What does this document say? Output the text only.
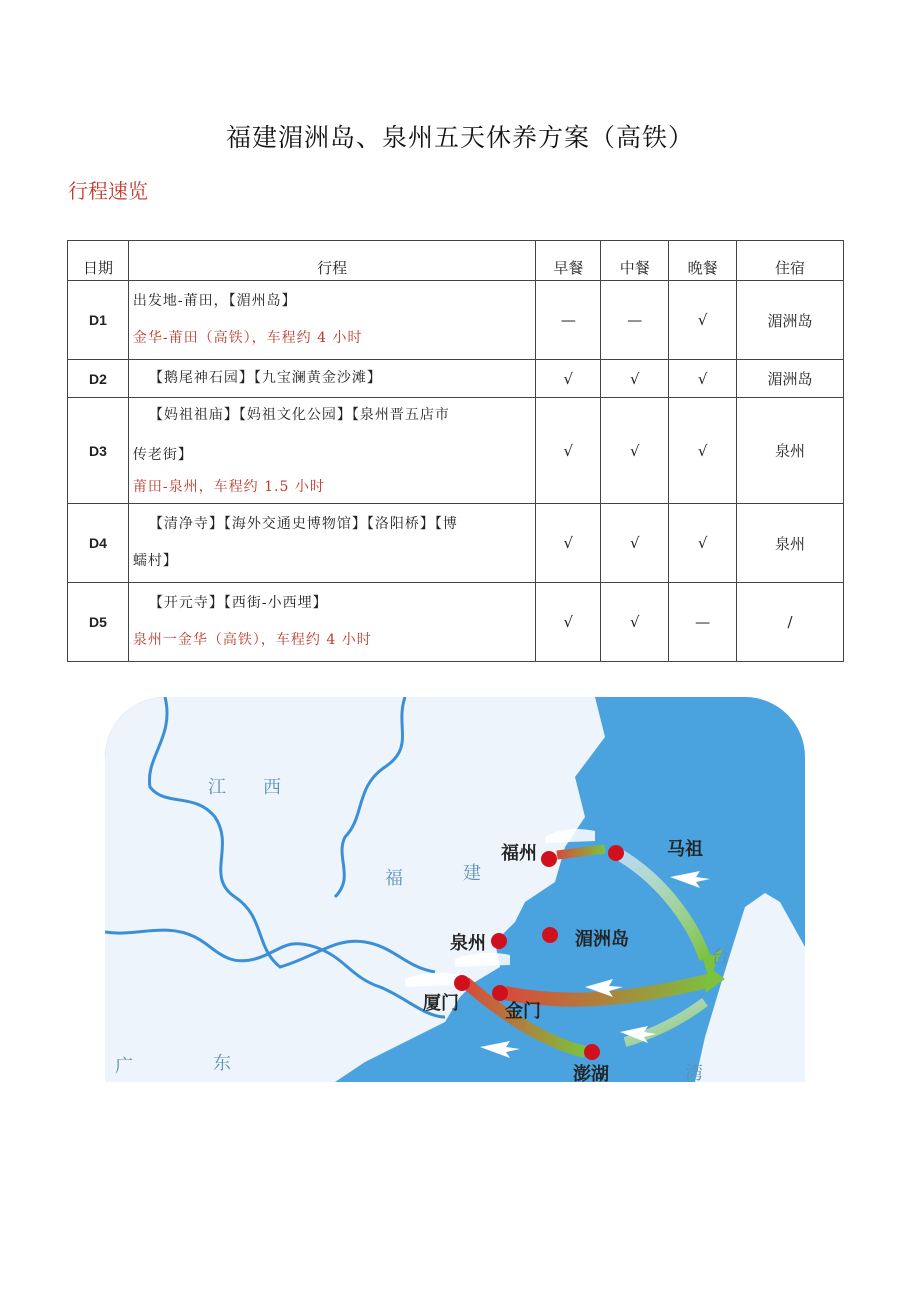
福建湄洲岛、泉州五天休养方案（高铁）
行程速览
日期	行程	早餐	中餐	晚餐	住宿
D1	出发地-莆田，【湄州岛】
金华-莆田（高铁），车程约 4 小时	—	—	√	湄洲岛
D2	【鹅尾神石园】【九宝澜黄金沙滩】	√	√	√	湄洲岛
D3	【妈祖祖庙】【妈祖文化公园】【泉州晋五店市
传老街】
莆田-泉州，车程约 1.5 小时	√	√	√	泉州
D4	【清净寺】【海外交通史博物馆】【洛阳桥】【博
蠕村】	√	√	√	泉州
D5	【开元寺】【西街-小西埋】
泉州一金华（高铁），车程约 4 小时	√	√	—	/
江 西
福	建
广	东
台
湾
福州	马祖
泉州	湄洲岛
厦门	金门
澎湖
